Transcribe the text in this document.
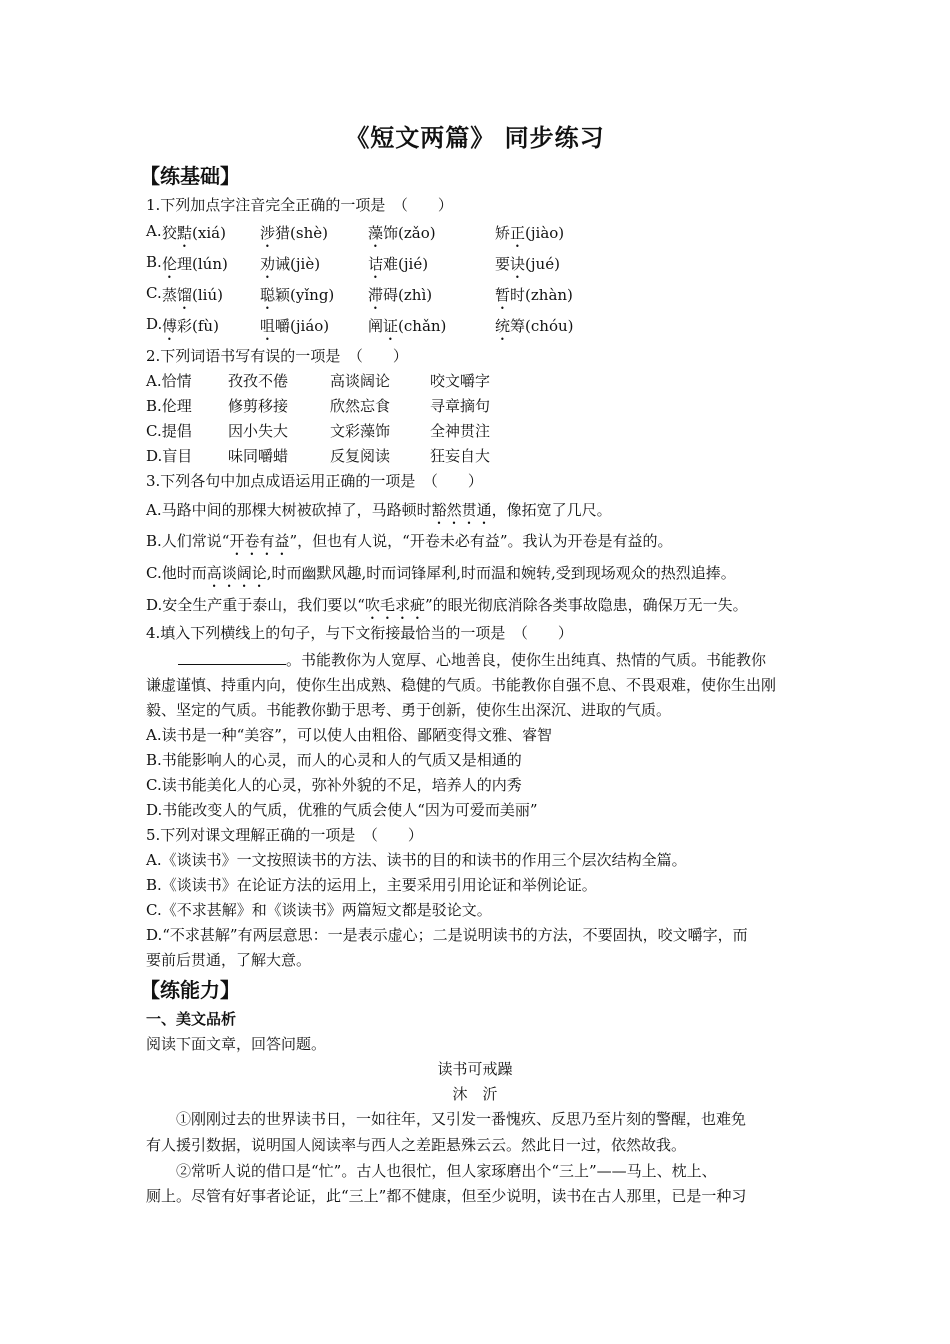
《短文两篇》 同步练习
【练基础】
1.下列加点字注音完全正确的一项是　（　　）
A. 狡黠(xiá) 涉猎(shè)	藻饰(zǎo)	矫正(jiào)
B. 伦理(lún) 劝诫(jiè)	诘难(jié)	要诀(jué)
C. 蒸馏(liú) 聪颖(yǐng) 滞碍(zhì)	暂时(zhàn)
D. 傅彩(fù)	咀嚼(jiáo)	阐证(chǎn)	统筹(chóu)
2.下列词语书写有误的一项是　（　　）
A.恰情 孜孜不倦	高谈阔论	咬文嚼字
B.伦理 修剪移接	欣然忘食	寻章摘句
C.提倡 因小失大	文彩藻饰	全神贯注
D.盲目 味同嚼蜡	反复阅读	狂妄自大
3.下列各句中加点成语运用正确的一项是　（　　）
A.马路中间的那棵大树被砍掉了，马路顿时豁然贯通，像拓宽了几尺。
B.人们常说“开卷有益”，但也有人说，“开卷未必有益”。我认为开卷是有益的。
C.他时而高谈阔论,时而幽默风趣,时而词锋犀利,时而温和婉转,受到现场观众的热烈追捧。
D.安全生产重于泰山，我们要以“吹毛求疵”的眼光彻底消除各类事故隐患，确保万无一失。
4.填入下列横线上的句子，与下文衔接最恰当的一项是　（　　）
。书能教你为人宽厚、心地善良，使你生出纯真、热情的气质。书能教你
谦虚谨慎、持重内向，使你生出成熟、稳健的气质。书能教你自强不息、不畏艰难，使你生出刚
毅、坚定的气质。书能教你勤于思考、勇于创新，使你生出深沉、进取的气质。
A.读书是一种“美容”，可以使人由粗俗、鄙陋变得文雅、睿智
B.书能影响人的心灵，而人的心灵和人的气质又是相通的
C.读书能美化人的心灵，弥补外貌的不足，培养人的内秀
D.书能改变人的气质，优雅的气质会使人“因为可爱而美丽”
5.下列对课文理解正确的一项是　（　　）
A.《谈读书》一文按照读书的方法、读书的目的和读书的作用三个层次结构全篇。
B.《谈读书》在论证方法的运用上，主要采用引用论证和举例论证。
C.《不求甚解》和《谈读书》两篇短文都是驳论文。
D.“不求甚解”有两层意思：一是表示虚心；二是说明读书的方法，不要固执，咬文嚼字，而
要前后贯通，了解大意。
【练能力】
一、美文品析
阅读下面文章，回答问题。
读书可戒躁
沐　沂
①刚刚过去的世界读书日，一如往年，又引发一番愧疚、反思乃至片刻的警醒，也难免
有人援引数据，说明国人阅读率与西人之差距悬殊云云。然此日一过，依然故我。
②常听人说的借口是“忙”。古人也很忙，但人家琢磨出个“三上”——马上、枕上、
厕上。尽管有好事者论证，此“三上”都不健康，但至少说明，读书在古人那里，已是一种习
